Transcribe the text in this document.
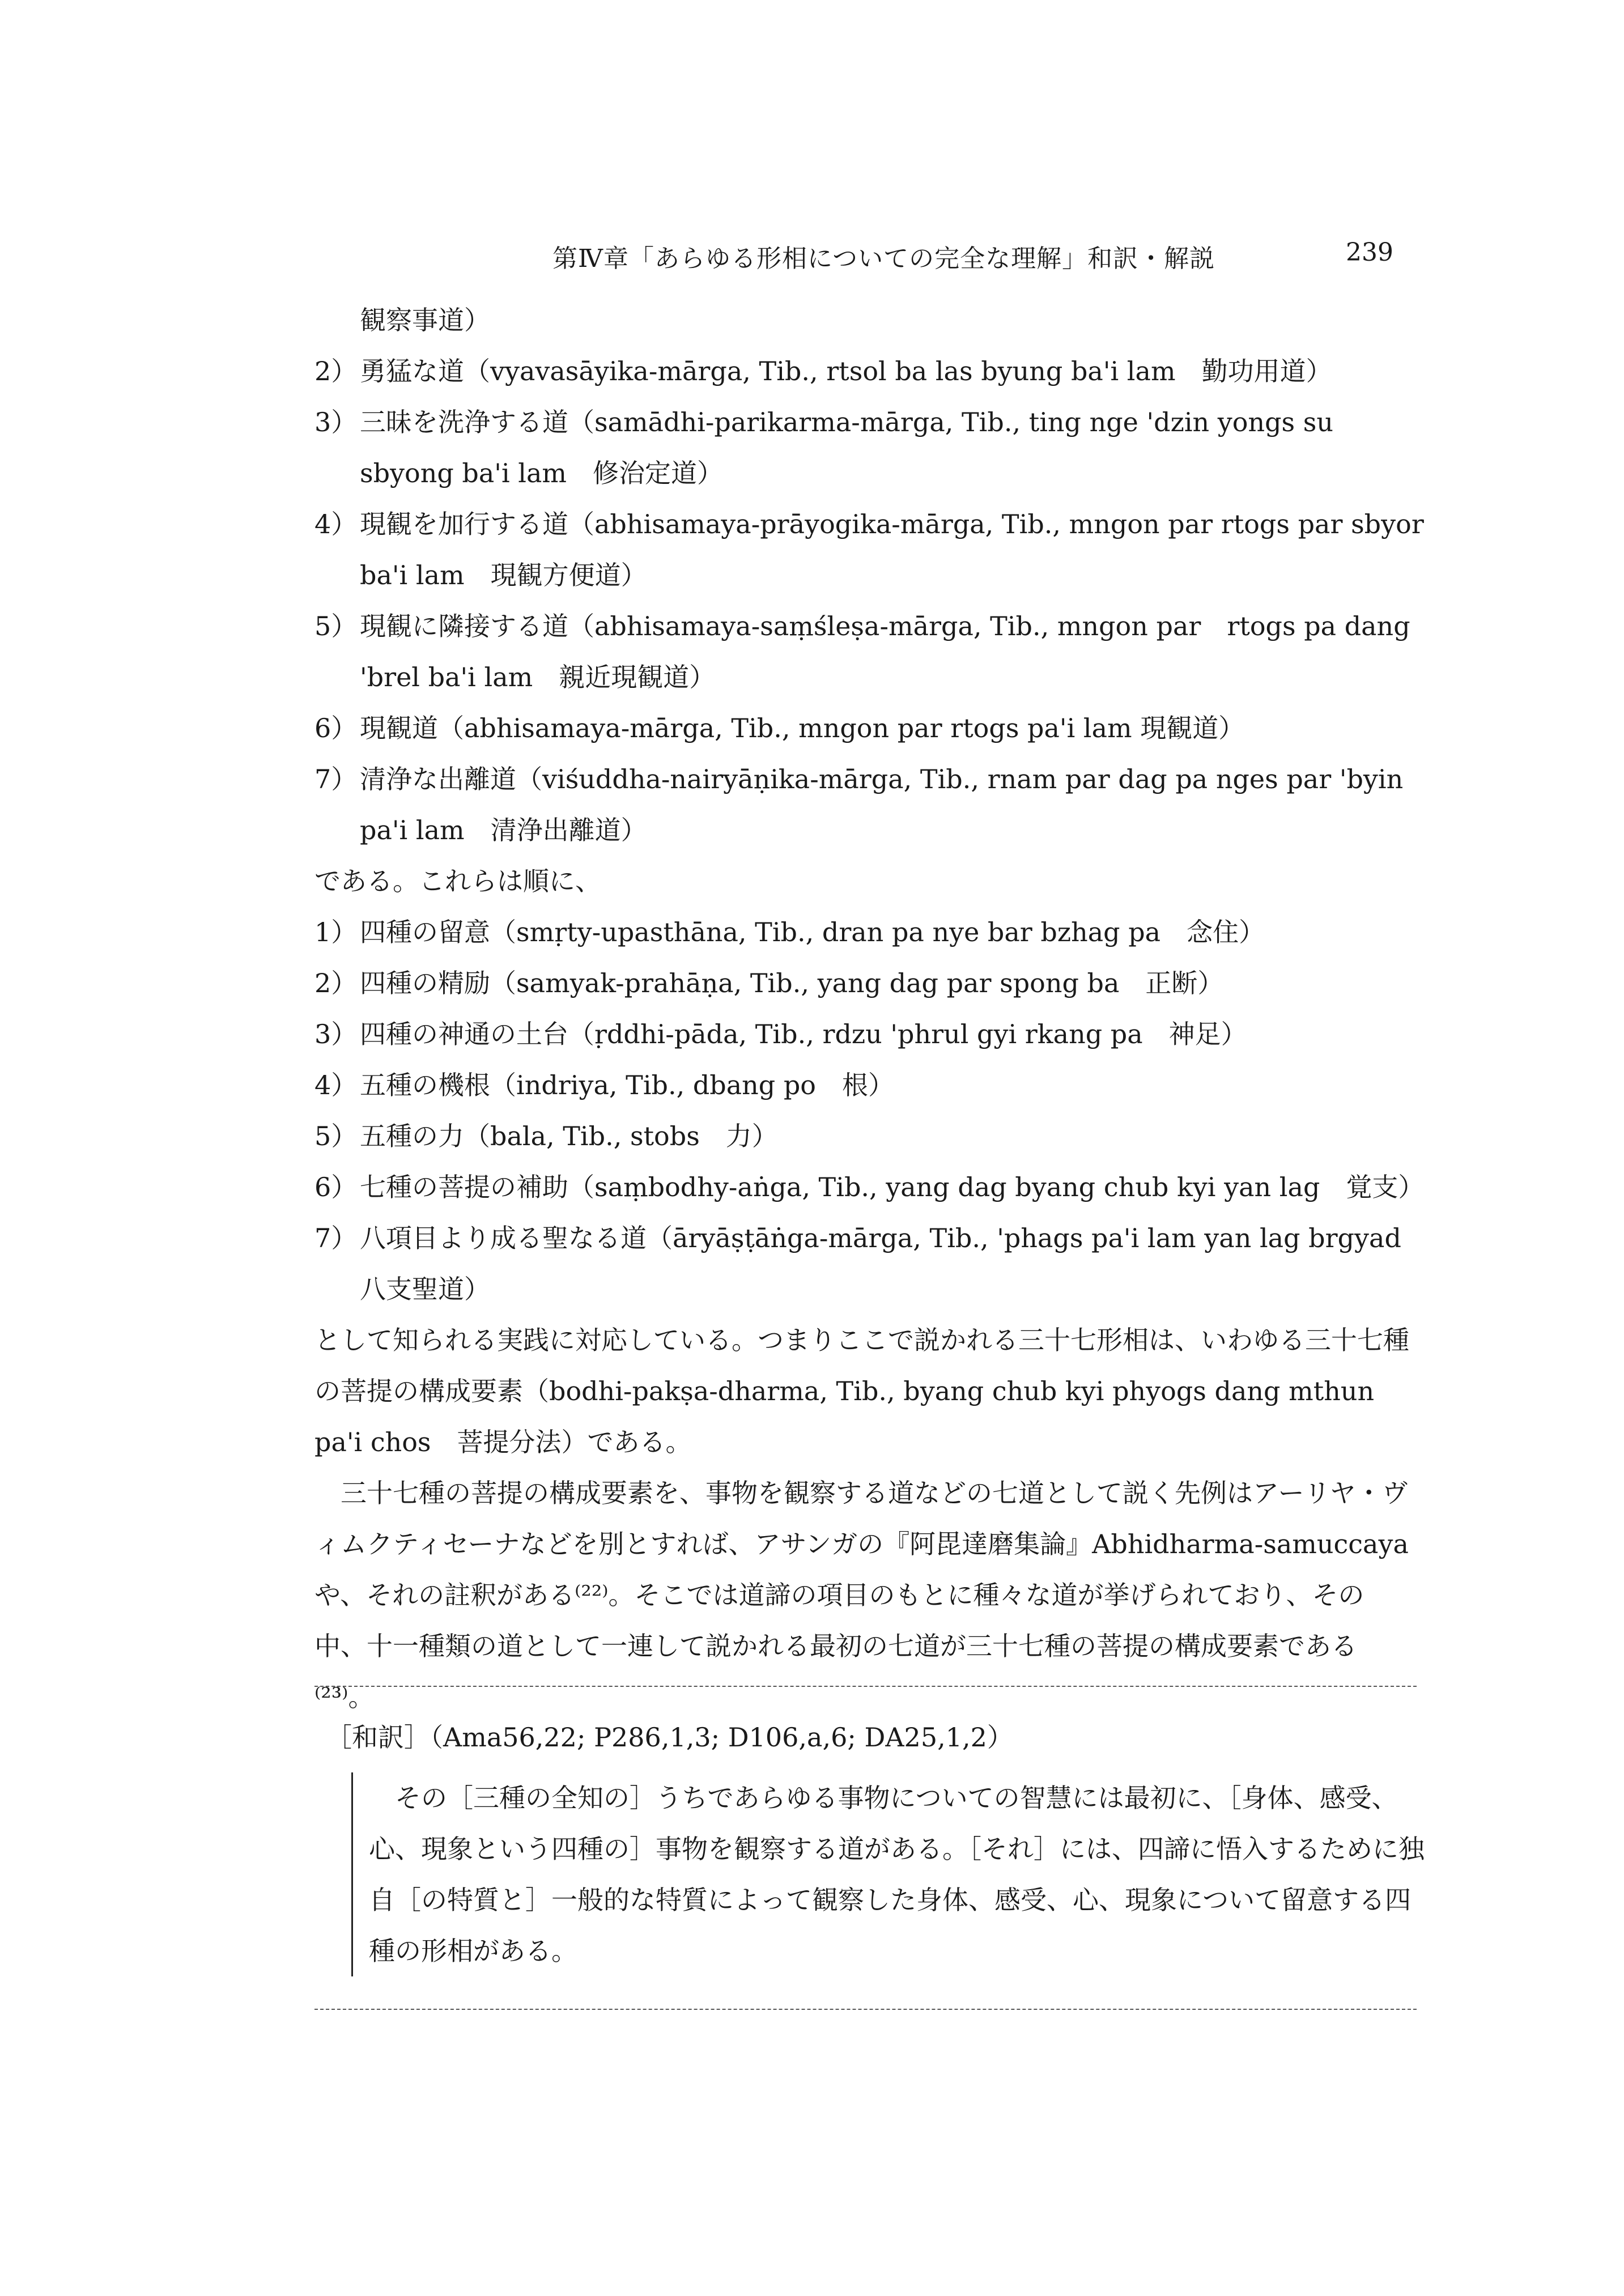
第Ⅳ章「あらゆる形相についての完全な理解」和訳・解説	239
観察事道）
2） 勇猛な道（vyavasāyika-mārga, Tib., rtsol ba las byung ba'i lam　勤功用道）
3） 三昧を洗浄する道（samādhi-parikarma-mārga, Tib., ting nge 'dzin yongs su
sbyong ba'i lam　修治定道）
4） 現観を加行する道（abhisamaya-prāyogika-mārga, Tib., mngon par rtogs par sbyor
ba'i lam　現観方便道）
5） 現観に隣接する道（abhisamaya-saṃśleṣa-mārga, Tib., mngon par　rtogs pa dang
'brel ba'i lam　親近現観道）
6） 現観道（abhisamaya-mārga, Tib., mngon par rtogs pa'i lam 現観道）
7） 清浄な出離道（viśuddha-nairyāṇika-mārga, Tib., rnam par dag pa nges par 'byin
pa'i lam　清浄出離道）
である。これらは順に、
1） 四種の留意（smṛty-upasthāna, Tib., dran pa nye bar bzhag pa　念住）
2） 四種の精励（samyak-prahāṇa, Tib., yang dag par spong ba　正断）
3） 四種の神通の土台（ṛddhi-pāda, Tib., rdzu 'phrul gyi rkang pa　神足）
4） 五種の機根（indriya, Tib., dbang po　根）
5） 五種の力（bala, Tib., stobs　力）
6） 七種の菩提の補助（saṃbodhy-aṅga, Tib., yang dag byang chub kyi yan lag　覚支）
7） 八項目より成る聖なる道（āryāṣṭāṅga-mārga, Tib., 'phags pa'i lam yan lag brgyad
八支聖道）
として知られる実践に対応している。つまりここで説かれる三十七形相は、いわゆる三十七種の菩提の構成要素（bodhi-pakṣa-dharma, Tib., byang chub kyi phyogs dang mthun pa'i chos　菩提分法）である。
三十七種の菩提の構成要素を、事物を観察する道などの七道として説く先例はアーリヤ・ヴィムクティセーナなどを別とすれば、アサンガの『阿毘達磨集論』Abhidharma-samuccaya や、それの註釈がある⁽²²⁾。そこでは道諦の項目のもとに種々な道が挙げられており、その中、十一種類の道として一連して説かれる最初の七道が三十七種の菩提の構成要素である⁽²³⁾。
［和訳］（Ama56,22; P286,1,3; D106,a,6; DA25,1,2）
その［三種の全知の］うちであらゆる事物についての智慧には最初に、［身体、感受、心、現象という四種の］事物を観察する道がある。［それ］には、四諦に悟入するために独自［の特質と］一般的な特質によって観察した身体、感受、心、現象について留意する四種の形相がある。
